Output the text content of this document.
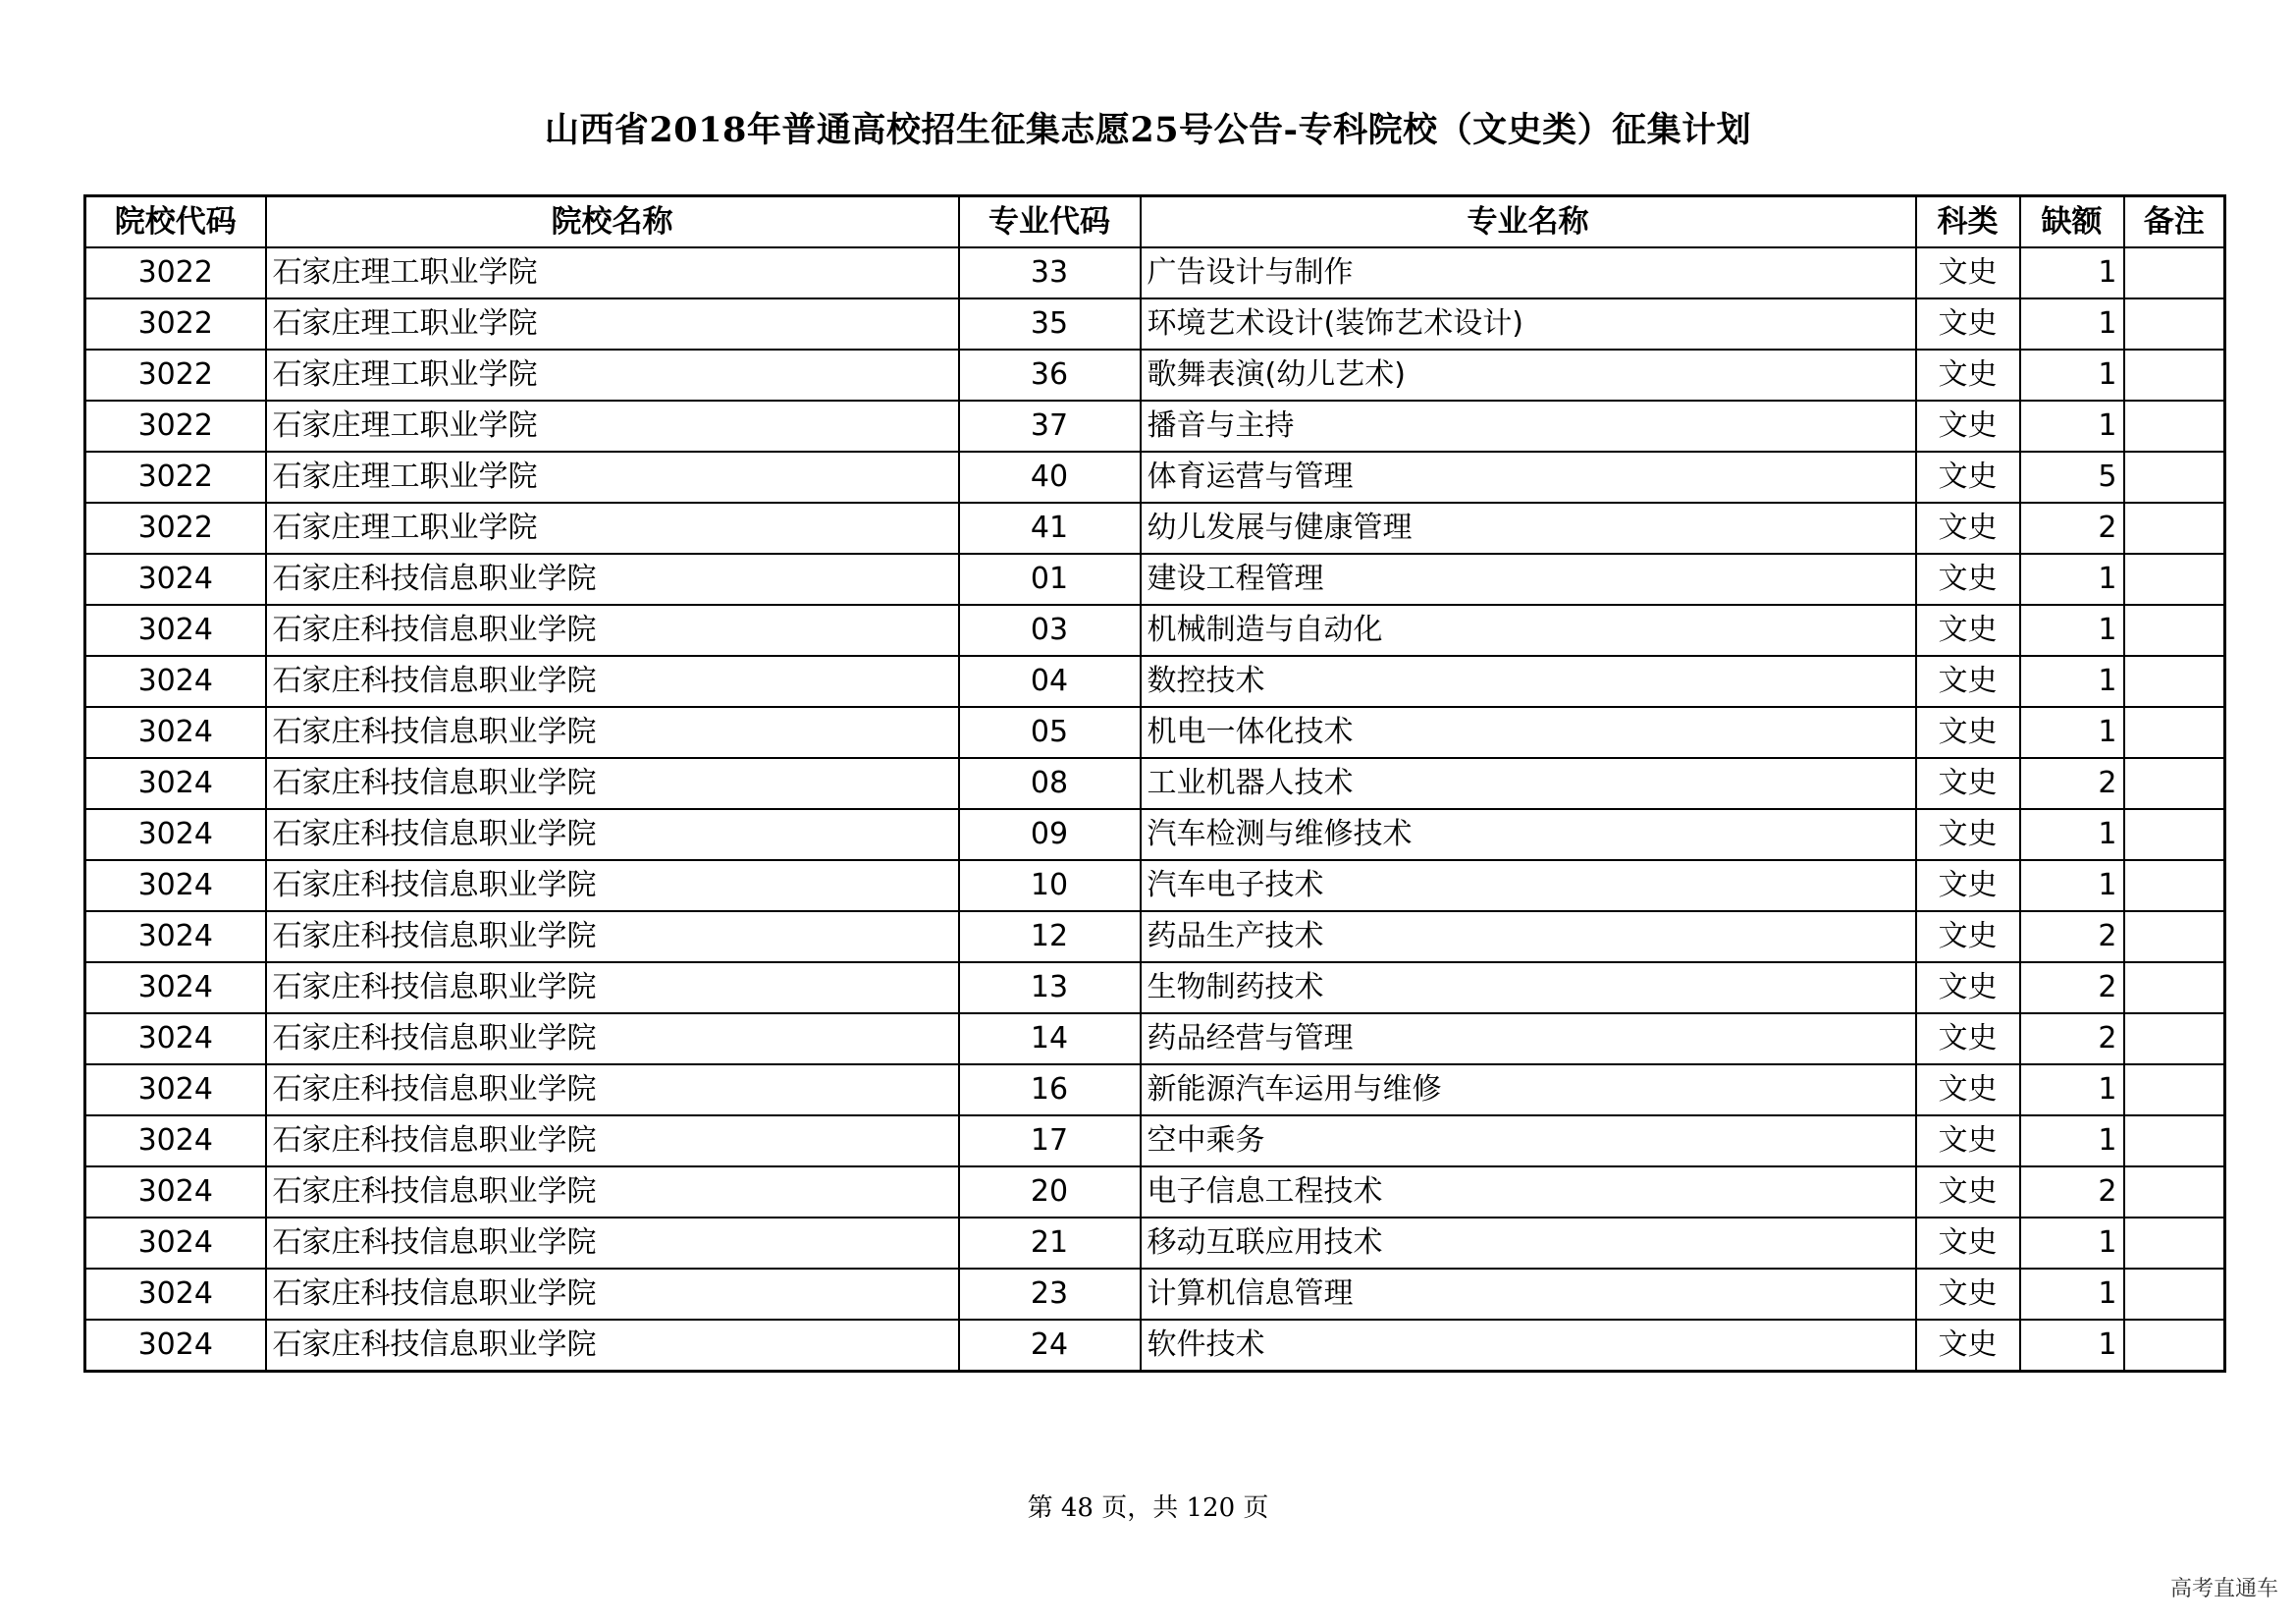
山西省2018年普通高校招生征集志愿25号公告-专科院校（文史类）征集计划
院校代码	院校名称	专业代码	专业名称	科类	缺额	备注
3022	石家庄理工职业学院	33	广告设计与制作	文史	1	
3022	石家庄理工职业学院	35	环境艺术设计(装饰艺术设计)	文史	1	
3022	石家庄理工职业学院	36	歌舞表演(幼儿艺术)	文史	1	
3022	石家庄理工职业学院	37	播音与主持	文史	1	
3022	石家庄理工职业学院	40	体育运营与管理	文史	5	
3022	石家庄理工职业学院	41	幼儿发展与健康管理	文史	2	
3024	石家庄科技信息职业学院	01	建设工程管理	文史	1	
3024	石家庄科技信息职业学院	03	机械制造与自动化	文史	1	
3024	石家庄科技信息职业学院	04	数控技术	文史	1	
3024	石家庄科技信息职业学院	05	机电一体化技术	文史	1	
3024	石家庄科技信息职业学院	08	工业机器人技术	文史	2	
3024	石家庄科技信息职业学院	09	汽车检测与维修技术	文史	1	
3024	石家庄科技信息职业学院	10	汽车电子技术	文史	1	
3024	石家庄科技信息职业学院	12	药品生产技术	文史	2	
3024	石家庄科技信息职业学院	13	生物制药技术	文史	2	
3024	石家庄科技信息职业学院	14	药品经营与管理	文史	2	
3024	石家庄科技信息职业学院	16	新能源汽车运用与维修	文史	1	
3024	石家庄科技信息职业学院	17	空中乘务	文史	1	
3024	石家庄科技信息职业学院	20	电子信息工程技术	文史	2	
3024	石家庄科技信息职业学院	21	移动互联应用技术	文史	1	
3024	石家庄科技信息职业学院	23	计算机信息管理	文史	1	
3024	石家庄科技信息职业学院	24	软件技术	文史	1	
第 48 页，共 120 页
高考直通车
